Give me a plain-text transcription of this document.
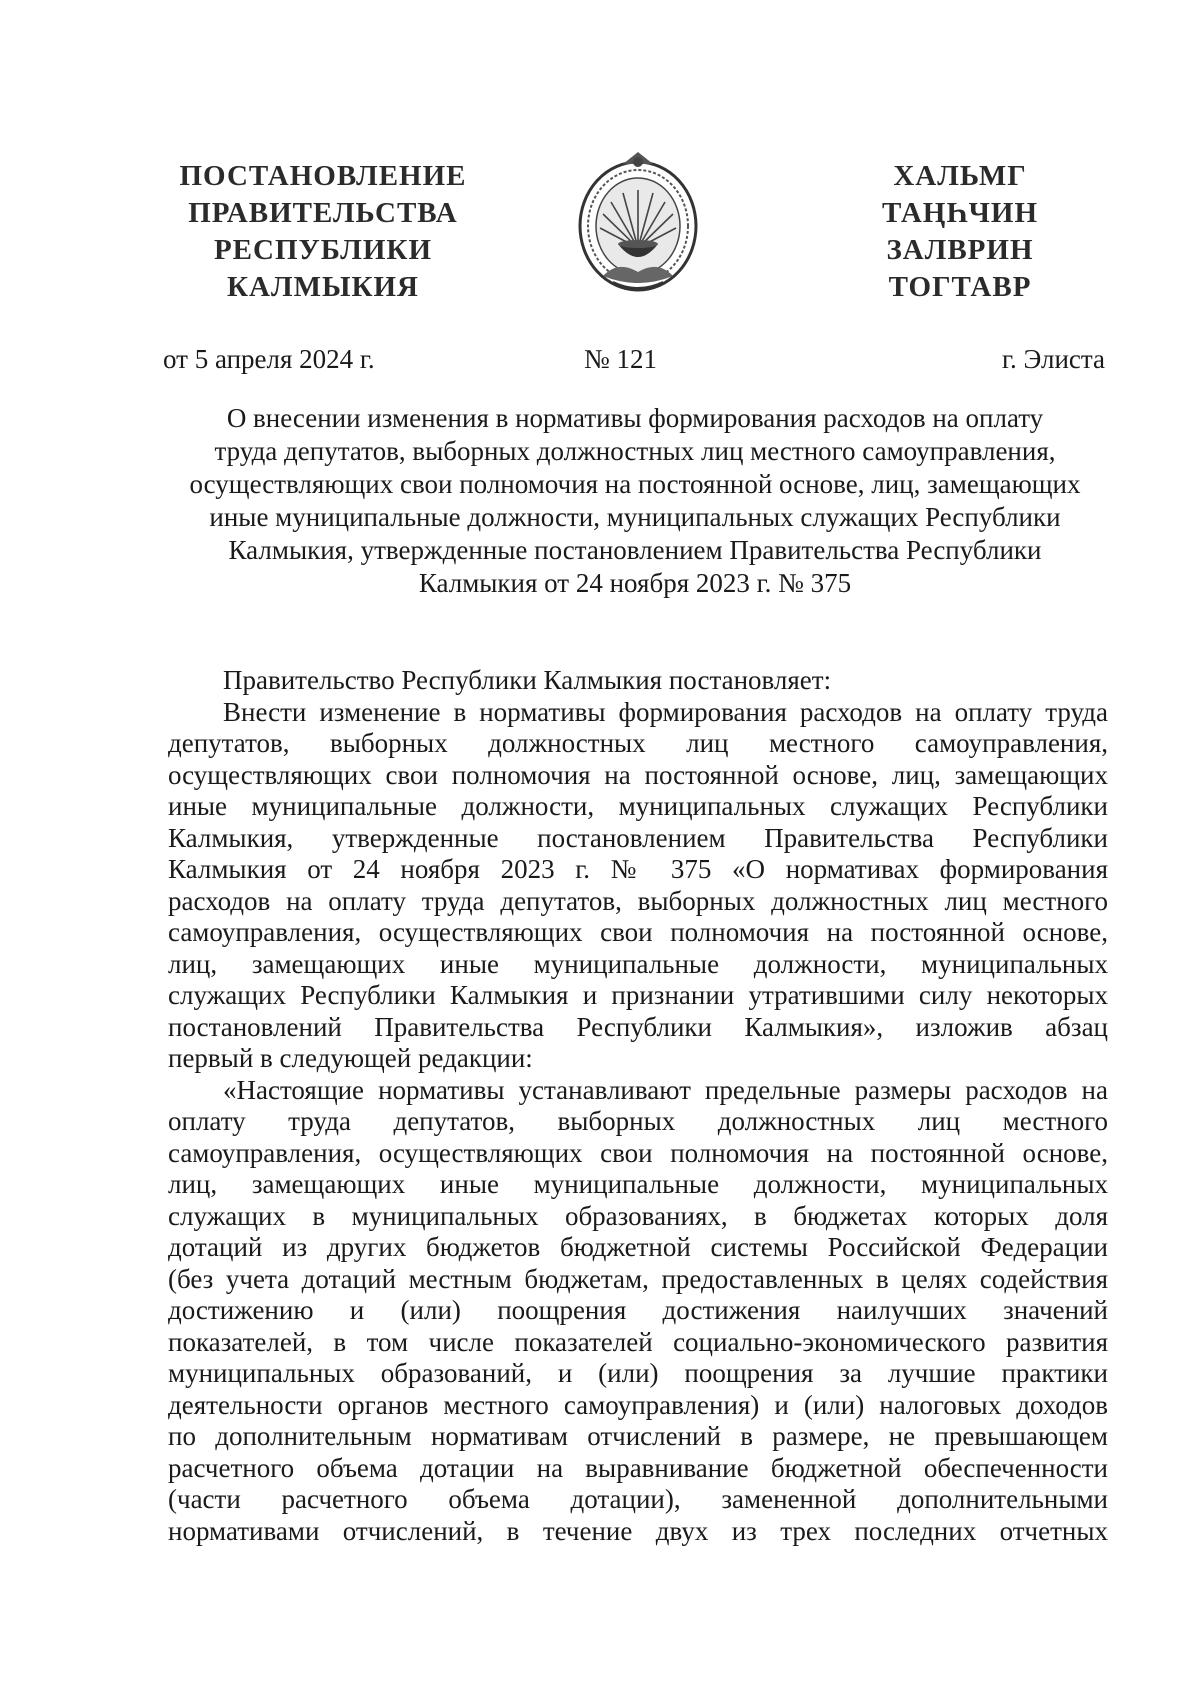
ПОСТАНОВЛЕНИЕ
ПРАВИТЕЛЬСТВА
РЕСПУБЛИКИ
КАЛМЫКИЯ
ХАЛЬМГ
ТАҢҺЧИН
ЗАЛВРИН
ТОГТАВР
от 5 апреля 2024 г.	№ 121	г. Элиста
О внесении изменения в нормативы формирования расходов на оплату
труда депутатов, выборных должностных лиц местного самоуправления,
осуществляющих свои полномочия на постоянной основе, лиц, замещающих
иные муниципальные должности, муниципальных служащих Республики
Калмыкия, утвержденные постановлением Правительства Республики
Калмыкия от 24 ноября 2023 г. № 375
Правительство Республики Калмыкия постановляет:
Внести изменение в нормативы формирования расходов на оплату труда
депутатов, выборных должностных лиц местного самоуправления,
осуществляющих свои полномочия на постоянной основе, лиц, замещающих
иные муниципальные должности, муниципальных служащих Республики
Калмыкия, утвержденные постановлением Правительства Республики
Калмыкия от 24 ноября 2023 г. № 375 «О нормативах формирования
расходов на оплату труда депутатов, выборных должностных лиц местного
самоуправления, осуществляющих свои полномочия на постоянной основе,
лиц, замещающих иные муниципальные должности, муниципальных
служащих Республики Калмыкия и признании утратившими силу некоторых
постановлений Правительства Республики Калмыкия», изложив абзац
первый в следующей редакции:
«Настоящие нормативы устанавливают предельные размеры расходов на
оплату труда депутатов, выборных должностных лиц местного
самоуправления, осуществляющих свои полномочия на постоянной основе,
лиц, замещающих иные муниципальные должности, муниципальных
служащих в муниципальных образованиях, в бюджетах которых доля
дотаций из других бюджетов бюджетной системы Российской Федерации
(без учета дотаций местным бюджетам, предоставленных в целях содействия
достижению и (или) поощрения достижения наилучших значений
показателей, в том числе показателей социально-экономического развития
муниципальных образований, и (или) поощрения за лучшие практики
деятельности органов местного самоуправления) и (или) налоговых доходов
по дополнительным нормативам отчислений в размере, не превышающем
расчетного объема дотации на выравнивание бюджетной обеспеченности
(части расчетного объема дотации), замененной дополнительными
нормативами отчислений, в течение двух из трех последних отчетных
